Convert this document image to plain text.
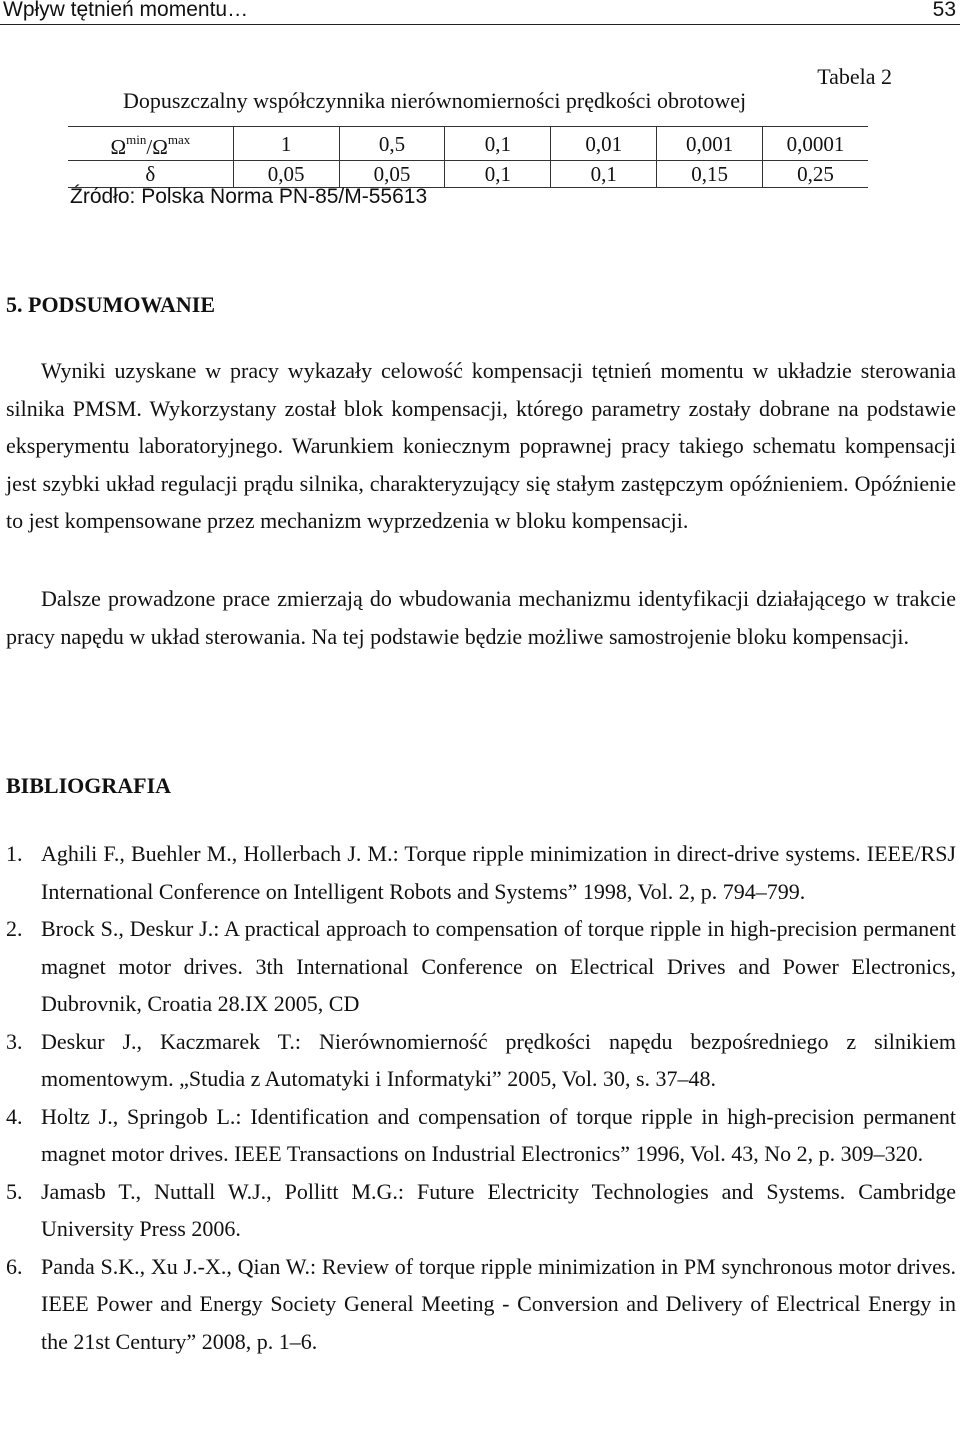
Wpływ tętnień momentu…	53
Tabela 2
Dopuszczalny współczynnika nierównomierności prędkości obrotowej
$\Omega^{min}/\Omega^{max}$	1	0,5	0,1	0,01	0,001	0,0001
δ	0,05	0,05	0,1	0,1	0,15	0,25
Źródło: Polska Norma PN-85/M-55613
5. PODSUMOWANIE

Wyniki uzyskane w pracy wykazały celowość kompensacji tętnień momentu w układzie sterowania silnika PMSM. Wykorzystany został blok kompensacji, którego parametry zostały dobrane na podstawie eksperymentu laboratoryjnego. Warunkiem koniecznym poprawnej pracy takiego schematu kompensacji jest szybki układ regulacji prądu silnika, charakteryzujący się stałym zastępczym opóźnieniem. Opóźnienie to jest kompensowane przez mechanizm wyprzedzenia w bloku kompensacji.

Dalsze prowadzone prace zmierzają do wbudowania mechanizmu identyfikacji działającego w trakcie pracy napędu w układ sterowania. Na tej podstawie będzie możliwe samostrojenie bloku kompensacji.

BIBLIOGRAFIA
1. Aghili F., Buehler M., Hollerbach J. M.: Torque ripple minimization in direct-drive systems. IEEE/RSJ International Conference on Intelligent Robots and Systems” 1998, Vol. 2, p. 794–799.
2. Brock S., Deskur J.: A practical approach to compensation of torque ripple in high-precision permanent magnet motor drives. 3th International Conference on Electrical Drives and Power Electronics, Dubrovnik, Croatia 28.IX 2005, CD
3. Deskur J., Kaczmarek T.: Nierównomierność prędkości napędu bezpośredniego z silnikiem momentowym. „Studia z Automatyki i Informatyki” 2005, Vol. 30, s. 37–48.
4. Holtz J., Springob L.: Identification and compensation of torque ripple in high-precision permanent magnet motor drives. IEEE Transactions on Industrial Electronics” 1996, Vol. 43, No 2, p. 309–320.
5. Jamasb T., Nuttall W.J., Pollitt M.G.: Future Electricity Technologies and Systems. Cambridge University Press 2006.
6. Panda S.K., Xu J.-X., Qian W.: Review of torque ripple minimization in PM synchronous motor drives. IEEE Power and Energy Society General Meeting - Conversion and Delivery of Electrical Energy in the 21st Century” 2008, p. 1–6.
